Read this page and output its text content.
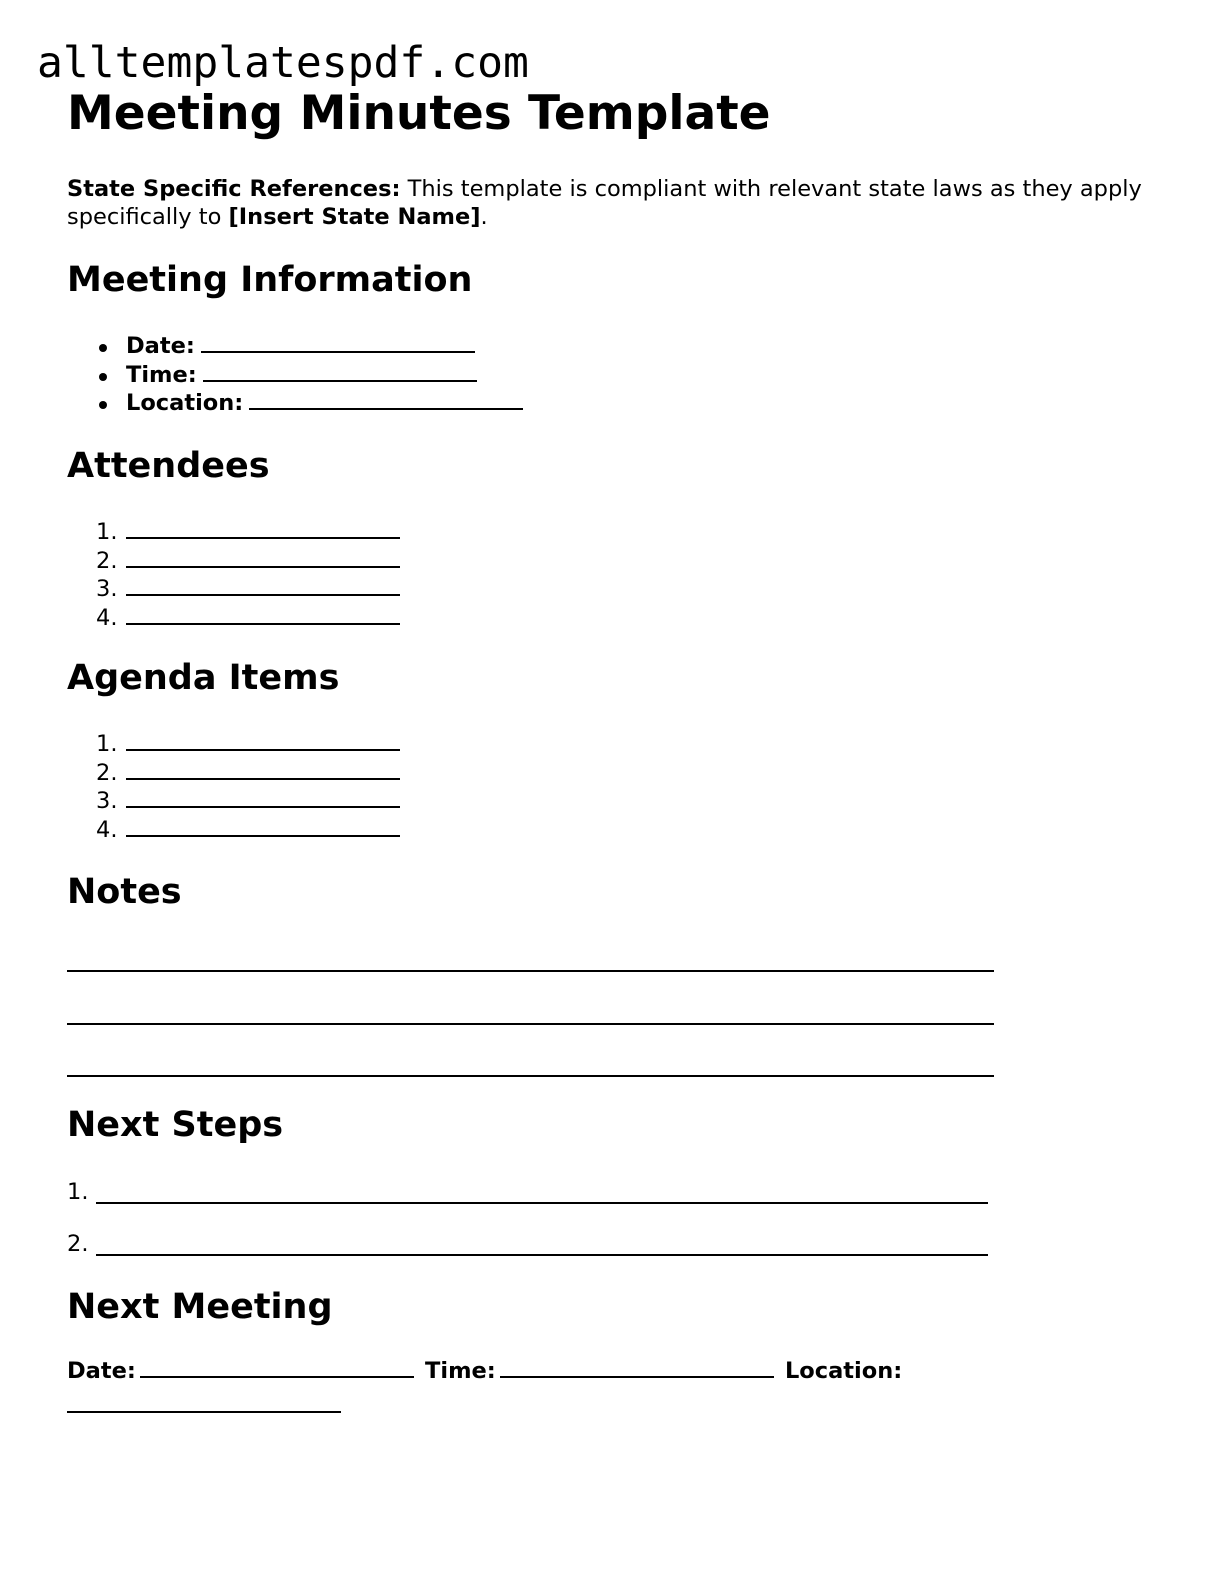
alltemplatespdf.com
Meeting Minutes Template

State Specific References: This template is compliant with relevant state laws as they apply specifically to [Insert State Name].

Meeting Information
Date:
Time:
Location:
Attendees
1.
2.
3.
4.
Agenda Items
1.
2.
3.
4.
Notes
Next Steps
1.
2.
Next Meeting
Date:	Time:	Location:
